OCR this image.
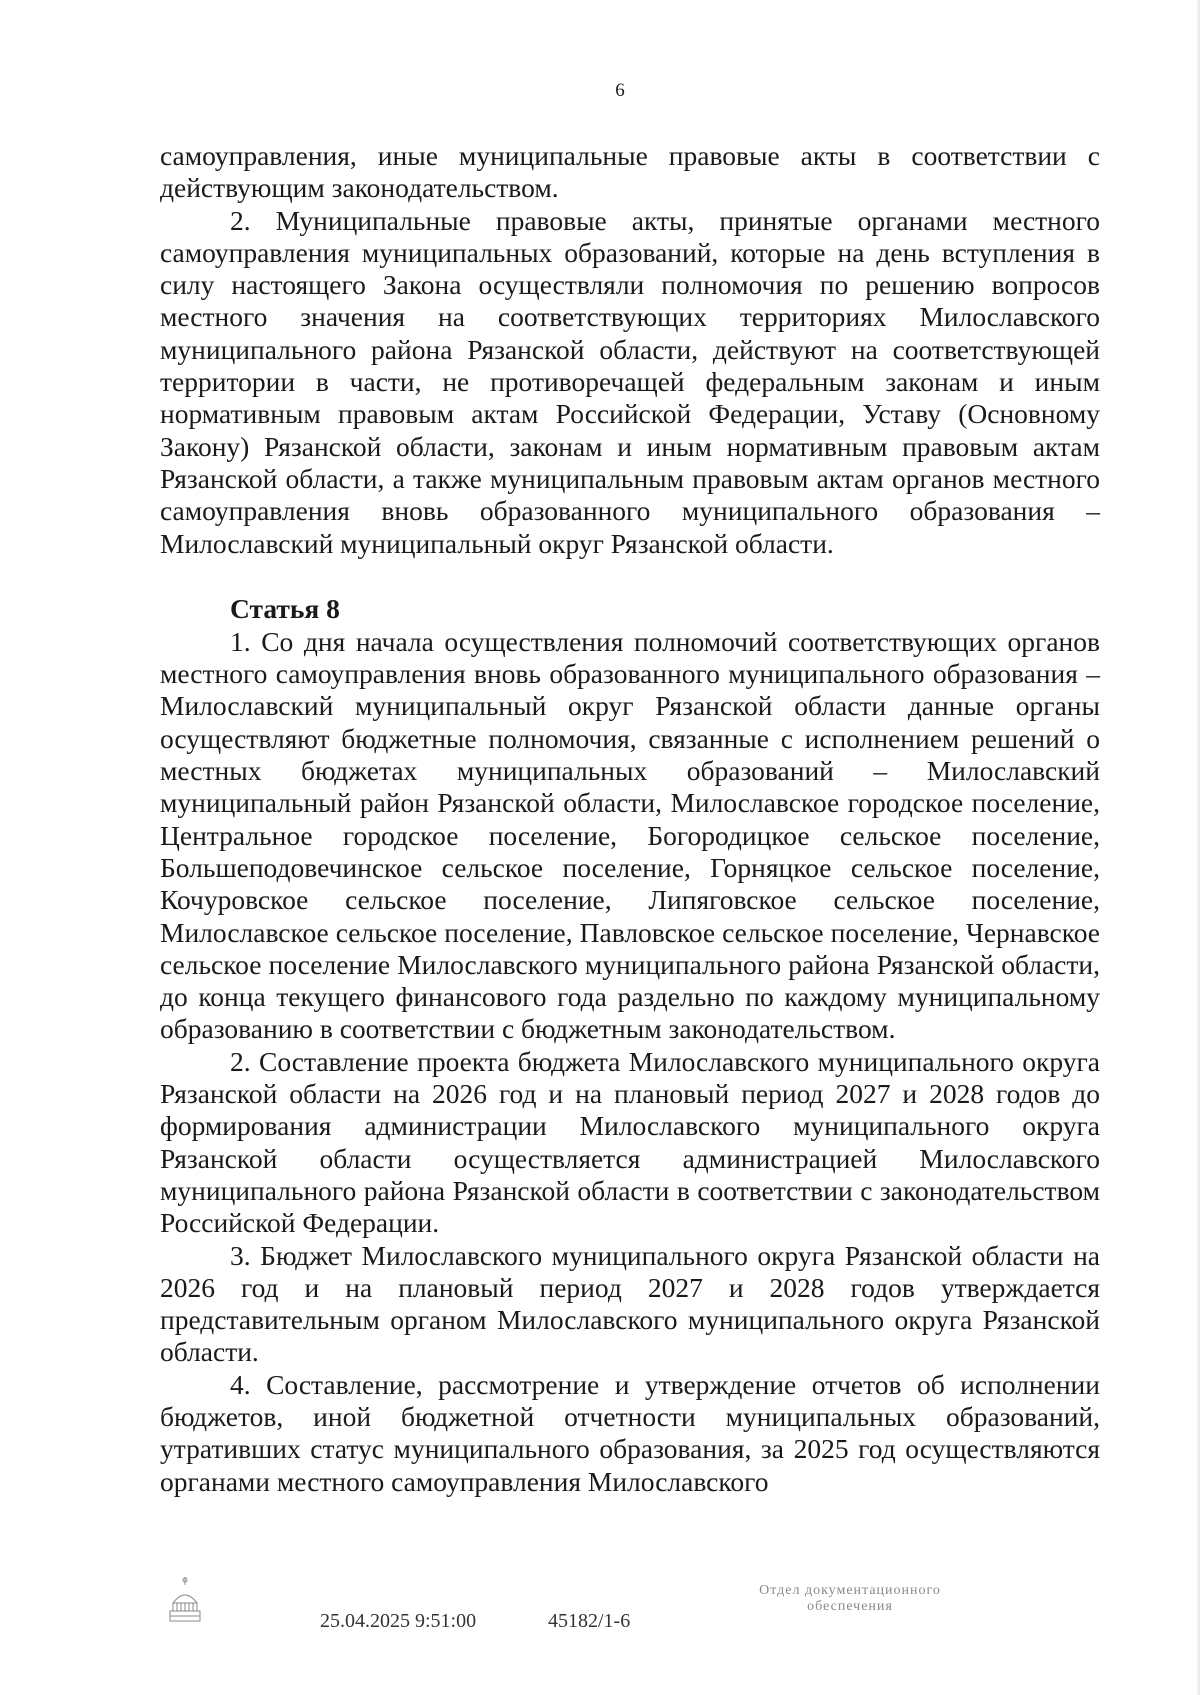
6

самоуправления, иные муниципальные правовые акты в соответствии с действующим законодательством.

2. Муниципальные правовые акты, принятые органами местного самоуправления муниципальных образований, которые на день вступления в силу настоящего Закона осуществляли полномочия по решению вопросов местного значения на соответствующих территориях Милославского муниципального района Рязанской области, действуют на соответствующей территории в части, не противоречащей федеральным законам и иным нормативным правовым актам Российской Федерации, Уставу (Основному Закону) Рязанской области, законам и иным нормативным правовым актам Рязанской области, а также муниципальным правовым актам органов местного самоуправления вновь образованного муниципального образования – Милославский муниципальный округ Рязанской области.

Статья 8

1. Со дня начала осуществления полномочий соответствующих органов местного самоуправления вновь образованного муниципального образования – Милославский муниципальный округ Рязанской области данные органы осуществляют бюджетные полномочия, связанные с исполнением решений о местных бюджетах муниципальных образований – Милославский муниципальный район Рязанской области, Милославское городское поселение, Центральное городское поселение, Богородицкое сельское поселение, Большеподовечинское сельское поселение, Горняцкое сельское поселение, Кочуровское сельское поселение, Липяговское сельское поселение, Милославское сельское поселение, Павловское сельское поселение, Чернавское сельское поселение Милославского муниципального района Рязанской области, до конца текущего финансового года раздельно по каждому муниципальному образованию в соответствии с бюджетным законодательством.

2. Составление проекта бюджета Милославского муниципального округа Рязанской области на 2026 год и на плановый период 2027 и 2028 годов до формирования администрации Милославского муниципального округа Рязанской области осуществляется администрацией Милославского муниципального района Рязанской области в соответствии с законодательством Российской Федерации.

3. Бюджет Милославского муниципального округа Рязанской области на 2026 год и на плановый период 2027 и 2028 годов утверждается представительным органом Милославского муниципального округа Рязанской области.

4. Составление, рассмотрение и утверждение отчетов об исполнении бюджетов, иной бюджетной отчетности муниципальных образований, утративших статус муниципального образования, за 2025 год осуществляются органами местного самоуправления Милославского

25.04.2025 9:51:00	45182/1-6
Отдел документационного
обеспечения
